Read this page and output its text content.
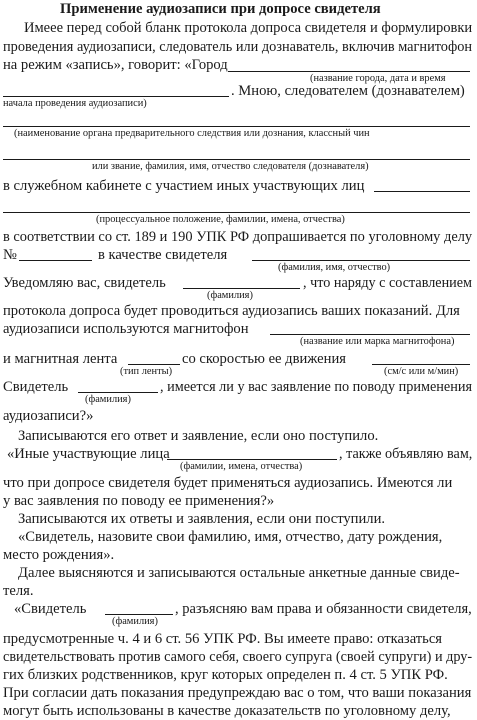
Применение аудиозаписи при допросе свидетеля
Имеее перед собой бланк протокола допроса свидетеля и формулировки
проведения аудиозаписи, следователь или дознаватель, включив магнитофон
на режим «запись», говорит: «Город
(название города, дата и время
. Мною, следователем (дознавателем)
начала проведения аудиозаписи)
(наименование органа предварительного следствия или дознания, классный чин
или звание, фамилия, имя, отчество следователя (дознавателя)
в служебном кабинете с участием иных участвующих лиц
(процессуальное положение, фамилии, имена, отчества)
в соответствии со ст. 189 и 190 УПК РФ допрашивается по уголовному делу
№	в качестве свидетеля
(фамилия, имя, отчество)
Уведомляю вас, свидетель	, что наряду с составлением
(фамилия)
протокола допроса будет проводиться аудиозапись ваших показаний. Для
аудиозаписи используются магнитофон
(название или марка магнитофона)
и магнитная лента	со скоростью ее движения
(тип ленты)	(см/с или м/мин)
Свидетель	, имеется ли у вас заявление по поводу применения
(фамилия)
аудиозаписи?»
Записываются его ответ и заявление, если оно поступило.
«Иные участвующие лица	, также объявляю вам,
(фамилии, имена, отчества)
что при допросе свидетеля будет применяться аудиозапись. Имеются ли
у вас заявления по поводу ее применения?»
Записываются их ответы и заявления, если они поступили.
«Свидетель, назовите свои фамилию, имя, отчество, дату рождения,
место рождения».
Далее выясняются и записываются остальные анкетные данные свиде-
теля.
«Свидетель	, разъясняю вам права и обязанности свидетеля,
(фамилия)
предусмотренные ч. 4 и 6 ст. 56 УПК РФ. Вы имеете право: отказаться
свидетельствовать против самого себя, своего супруга (своей супруги) и дру-
гих близких родственников, круг которых определен п. 4 ст. 5 УПК РФ.
При согласии дать показания предупреждаю вас о том, что ваши показания
могут быть использованы в качестве доказательств по уголовному делу,
